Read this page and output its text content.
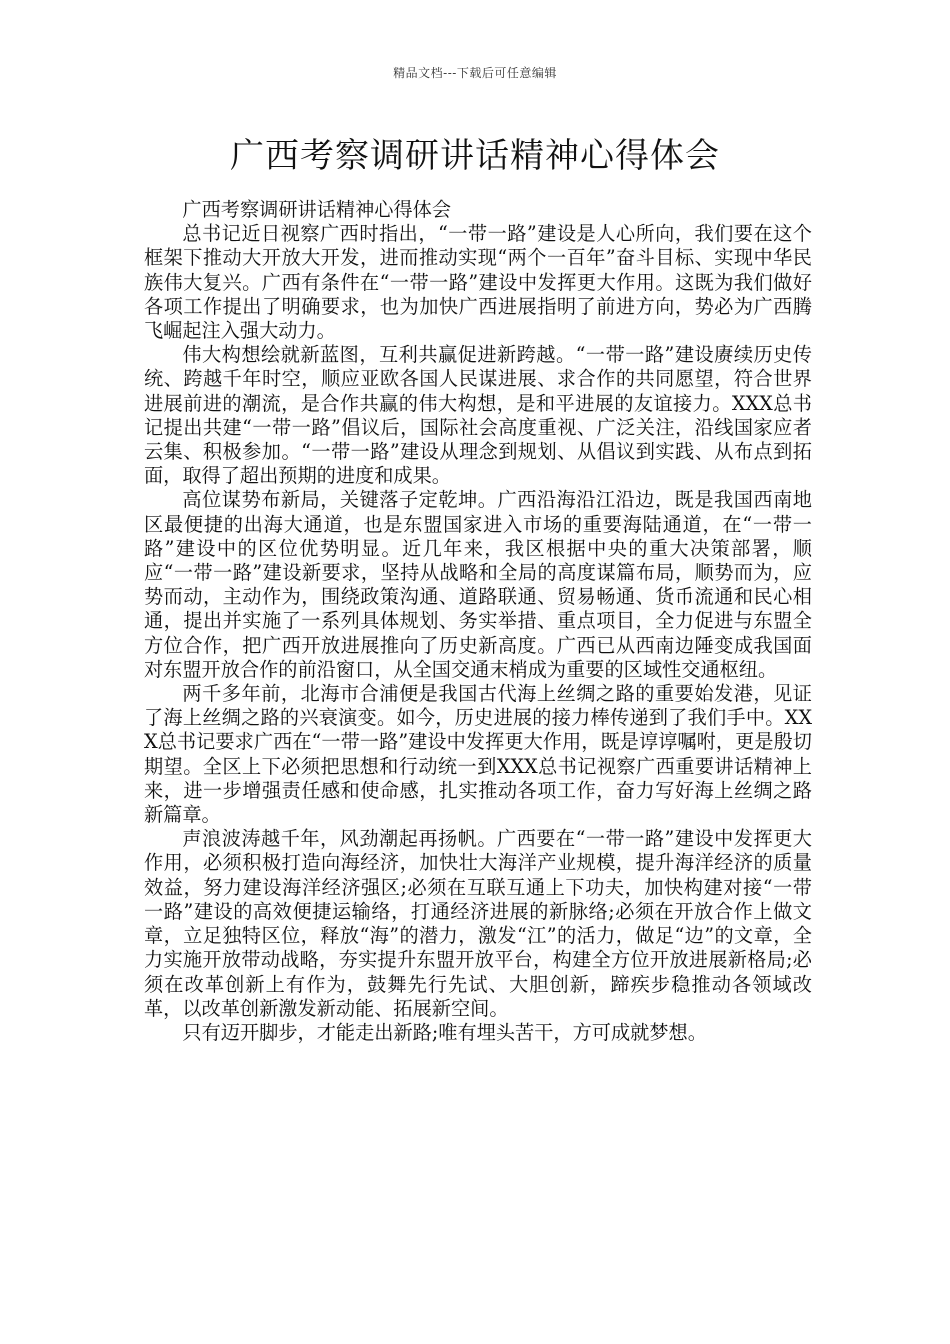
精品文档---下载后可任意编辑
广西考察调研讲话精神心得体会

广西考察调研讲话精神心得体会

总书记近日视察广西时指出，“一带一路”建设是人心所向，我们要在这个框架下推动大开放大开发，进而推动实现“两个一百年”奋斗目标、实现中华民族伟大复兴。广西有条件在“一带一路”建设中发挥更大作用。这既为我们做好各项工作提出了明确要求，也为加快广西进展指明了前进方向，势必为广西腾飞崛起注入强大动力。

伟大构想绘就新蓝图，互利共赢促进新跨越。“一带一路”建设赓续历史传统、跨越千年时空，顺应亚欧各国人民谋进展、求合作的共同愿望，符合世界进展前进的潮流，是合作共赢的伟大构想，是和平进展的友谊接力。XXX总书记提出共建“一带一路”倡议后，国际社会高度重视、广泛关注，沿线国家应者云集、积极参加。“一带一路”建设从理念到规划、从倡议到实践、从布点到拓面，取得了超出预期的进度和成果。

高位谋势布新局，关键落子定乾坤。广西沿海沿江沿边，既是我国西南地区最便捷的出海大通道，也是东盟国家进入市场的重要海陆通道，在“一带一路”建设中的区位优势明显。近几年来，我区根据中央的重大决策部署，顺应“一带一路”建设新要求，坚持从战略和全局的高度谋篇布局，顺势而为，应势而动，主动作为，围绕政策沟通、道路联通、贸易畅通、货币流通和民心相通，提出并实施了一系列具体规划、务实举措、重点项目，全力促进与东盟全方位合作，把广西开放进展推向了历史新高度。广西已从西南边陲变成我国面对东盟开放合作的前沿窗口，从全国交通末梢成为重要的区域性交通枢纽。

两千多年前，北海市合浦便是我国古代海上丝绸之路的重要始发港，见证了海上丝绸之路的兴衰演变。如今，历史进展的接力棒传递到了我们手中。XXX总书记要求广西在“一带一路”建设中发挥更大作用，既是谆谆嘱咐，更是殷切期望。全区上下必须把思想和行动统一到XXX总书记视察广西重要讲话精神上来，进一步增强责任感和使命感，扎实推动各项工作，奋力写好海上丝绸之路新篇章。

声浪波涛越千年，风劲潮起再扬帆。广西要在“一带一路”建设中发挥更大作用，必须积极打造向海经济，加快壮大海洋产业规模，提升海洋经济的质量效益，努力建设海洋经济强区;必须在互联互通上下功夫，加快构建对接“一带一路”建设的高效便捷运输络，打通经济进展的新脉络;必须在开放合作上做文章，立足独特区位，释放“海”的潜力，激发“江”的活力，做足“边”的文章，全力实施开放带动战略，夯实提升东盟开放平台，构建全方位开放进展新格局;必须在改革创新上有作为，鼓舞先行先试、大胆创新，蹄疾步稳推动各领域改革，以改革创新激发新动能、拓展新空间。

只有迈开脚步，才能走出新路;唯有埋头苦干，方可成就梦想。
